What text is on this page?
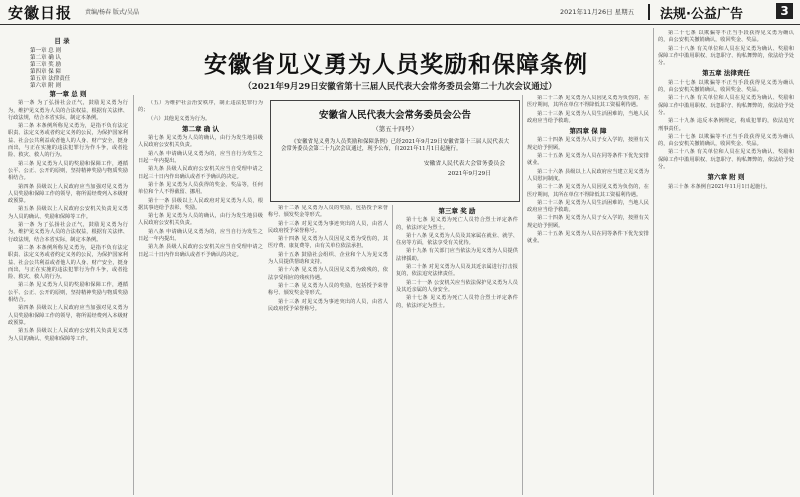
安徽日报 责编/杨春 版式/吴晶	2021年11月26日 星期五 法规·公益广告	3
安徽省见义勇为人员奖励和保障条例
（2021年9月29日安徽省第十三届人民代表大会常务委员会第二十九次会议通过）
目 录
第一章 总 则
第二章 确 认
第三章 奖 励
第四章 保 障
第五章 法律责任
第六章 附 则
第一章 总 则

第一条 为了弘扬社会正气，鼓励见义勇为行为，维护见义勇为人员的合法权益，根据有关法律、行政法规，结合本省实际，制定本条例。

第二条 本条例所称见义勇为，是指不负有法定职责、法定义务或者约定义务的公民，为保护国家利益、社会公共利益或者他人的人身、财产安全，挺身而出，与正在实施的违法犯罪行为作斗争，或者抢险、救灾、救人的行为。

第三条 见义勇为人员的奖励和保障工作，遵循公平、公正、公开的原则，坚持精神奖励与物质奖励相结合。

第四条 县级以上人民政府应当加强对见义勇为人员奖励和保障工作的领导，将所需经费列入本级财政预算。

第五条 县级以上人民政府公安机关负责见义勇为人员的确认、奖励和保障等工作。

第一条 为了弘扬社会正气，鼓励见义勇为行为，维护见义勇为人员的合法权益，根据有关法律、行政法规，结合本省实际，制定本条例。

第二条 本条例所称见义勇为，是指不负有法定职责、法定义务或者约定义务的公民，为保护国家利益、社会公共利益或者他人的人身、财产安全，挺身而出，与正在实施的违法犯罪行为作斗争，或者抢险、救灾、救人的行为。

第三条 见义勇为人员的奖励和保障工作，遵循公平、公正、公开的原则，坚持精神奖励与物质奖励相结合。

第四条 县级以上人民政府应当加强对见义勇为人员奖励和保障工作的领导，将所需经费列入本级财政预算。

第五条 县级以上人民政府公安机关负责见义勇为人员的确认、奖励和保障等工作。

（五）为维护社会治安秩序，制止违法犯罪行为的；

（六）其他见义勇为行为。

第二章 确 认

第七条 见义勇为人员的确认，由行为发生地县级人民政府公安机关负责。

第八条 申请确认见义勇为的，应当自行为发生之日起一年内提出。

第九条 县级人民政府公安机关应当自受理申请之日起三十日内作出确认或者不予确认的决定。

第十条 见义勇为人员获得的奖金、奖品等，任何单位和个人不得截留、挪用。

第十一条 县级以上人民政府对见义勇为人员，根据其事迹给予表彰、奖励。

第七条 见义勇为人员的确认，由行为发生地县级人民政府公安机关负责。

第八条 申请确认见义勇为的，应当自行为发生之日起一年内提出。

第九条 县级人民政府公安机关应当自受理申请之日起三十日内作出确认或者不予确认的决定。

安徽省人民代表大会常务委员会公告
（第五十四号）
《安徽省见义勇为人员奖励和保障条例》已经2021年9月29日安徽省第十三届人民代表大会常务委员会第二十九次会议通过，现予公布，自2021年11月1日起施行。
安徽省人民代表大会常务委员会
2021年9月29日

第十二条 见义勇为人员的奖励，包括授予荣誉称号、颁发奖金等形式。

第十三条 对见义勇为事迹突出的人员，由省人民政府授予荣誉称号。

第十四条 见义勇为人员因见义勇为受伤的，其医疗费、康复费等，由有关单位依法承担。

第十五条 鼓励社会组织、企业和个人为见义勇为人员提供帮助和支持。

第十六条 见义勇为人员因见义勇为致残的，依法享受相应的残疾待遇。

第十二条 见义勇为人员的奖励，包括授予荣誉称号、颁发奖金等形式。

第十三条 对见义勇为事迹突出的人员，由省人民政府授予荣誉称号。

第三章 奖 励

第十七条 见义勇为死亡人员符合烈士评定条件的，依法评定为烈士。

第十八条 见义勇为人员及其家属在就业、就学、住房等方面，依法享受有关优待。

第十九条 有关部门应当依法为见义勇为人员提供法律援助。

第二十条 对见义勇为人员及其近亲属进行打击报复的，依法追究法律责任。

第二十一条 公安机关应当依法保护见义勇为人员及其近亲属的人身安全。

第十七条 见义勇为死亡人员符合烈士评定条件的，依法评定为烈士。

第二十二条 见义勇为人员因见义勇为负伤的，在医疗期间，其所在单位不得降低其工资福利待遇。

第二十三条 见义勇为人员生活困难的，当地人民政府应当给予救助。

第四章 保 障

第二十四条 见义勇为人员子女入学的，按照有关规定给予照顾。

第二十五条 见义勇为人员在同等条件下优先安排就业。

第二十六条 县级以上人民政府应当建立见义勇为人员慰问制度。

第二十二条 见义勇为人员因见义勇为负伤的，在医疗期间，其所在单位不得降低其工资福利待遇。

第二十三条 见义勇为人员生活困难的，当地人民政府应当给予救助。

第二十四条 见义勇为人员子女入学的，按照有关规定给予照顾。

第二十五条 见义勇为人员在同等条件下优先安排就业。

第二十七条 以欺骗等不正当手段获得见义勇为确认的，由公安机关撤销确认，收回奖金、奖品。

第二十八条 有关单位和人员在见义勇为确认、奖励和保障工作中滥用职权、玩忽职守、徇私舞弊的，依法给予处分。

第五章 法律责任

第二十七条 以欺骗等不正当手段获得见义勇为确认的，由公安机关撤销确认，收回奖金、奖品。

第二十八条 有关单位和人员在见义勇为确认、奖励和保障工作中滥用职权、玩忽职守、徇私舞弊的，依法给予处分。

第二十九条 违反本条例规定，构成犯罪的，依法追究刑事责任。

第二十七条 以欺骗等不正当手段获得见义勇为确认的，由公安机关撤销确认，收回奖金、奖品。

第二十八条 有关单位和人员在见义勇为确认、奖励和保障工作中滥用职权、玩忽职守、徇私舞弊的，依法给予处分。

第六章 附 则

第三十条 本条例自2021年11月1日起施行。
